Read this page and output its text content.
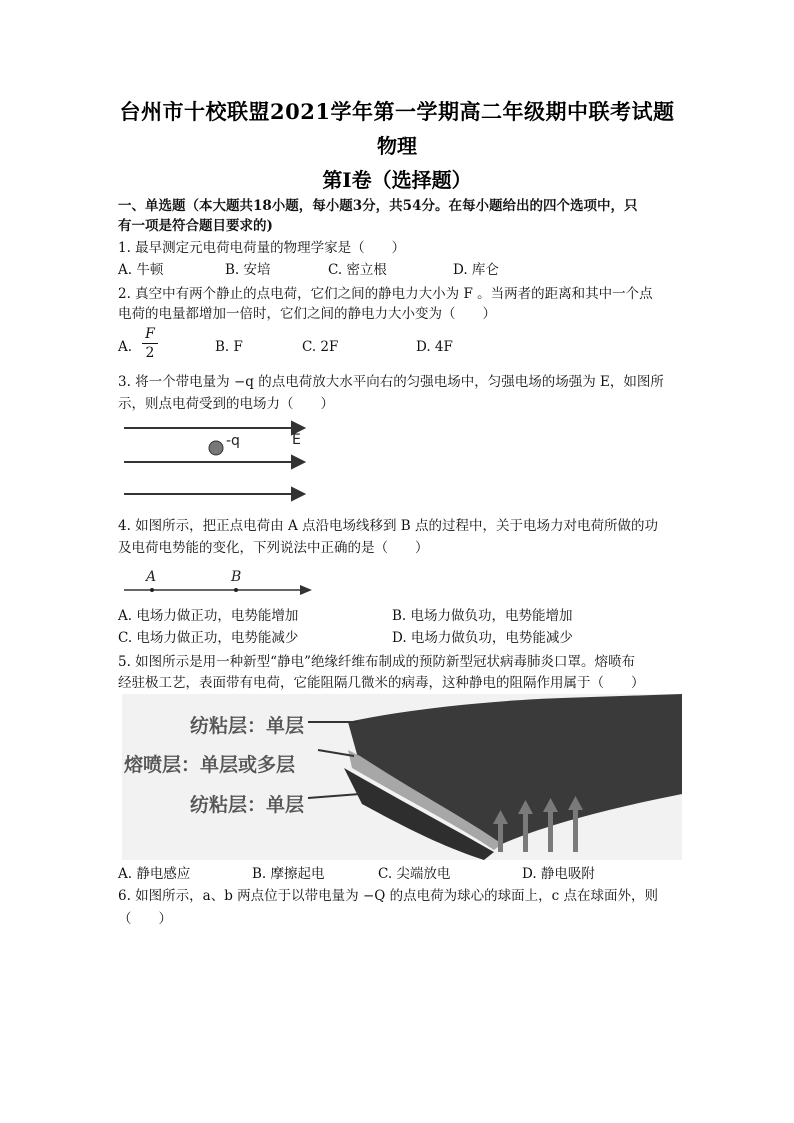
台州市十校联盟2021学年第一学期高二年级期中联考试题
物理
第I卷（选择题）
一、单选题（本大题共18小题，每小题3分，共54分。在每小题给出的四个选项中，只
有一项是符合题目要求的)
1. 最早测定元电荷电荷量的物理学家是（　　）
A. 牛顿	B. 安培	C. 密立根	D. 库仑
2. 真空中有两个静止的点电荷，它们之间的静电力大小为 F 。当两者的距离和其中一个点
电荷的电量都增加一倍时，它们之间的静电力大小变为（　　）
A.
F
2	B. F	C. 2F	D. 4F
3. 将一个带电量为 −q 的点电荷放大水平向右的匀强电场中，匀强电场的场强为 E，如图所
示，则点电荷受到的电场力（　　）
-q	E
4. 如图所示，把正点电荷由 A 点沿电场线移到 B 点的过程中，关于电场力对电荷所做的功
及电荷电势能的变化，下列说法中正确的是（　　）
A	B
A. 电场力做正功，电势能增加	B. 电场力做负功，电势能增加
C. 电场力做正功，电势能减少	D. 电场力做负功，电势能减少
5. 如图所示是用一种新型“静电”绝缘纤维布制成的预防新型冠状病毒肺炎口罩。熔喷布
经驻极工艺，表面带有电荷，它能阻隔几微米的病毒，这种静电的阻隔作用属于（　　）
纺粘层：单层
熔喷层：单层或多层
纺粘层：单层
A. 静电感应	B. 摩擦起电	C. 尖端放电	D. 静电吸附
6. 如图所示，a、b 两点位于以带电量为 −Q 的点电荷为球心的球面上，c 点在球面外，则
（　　）
